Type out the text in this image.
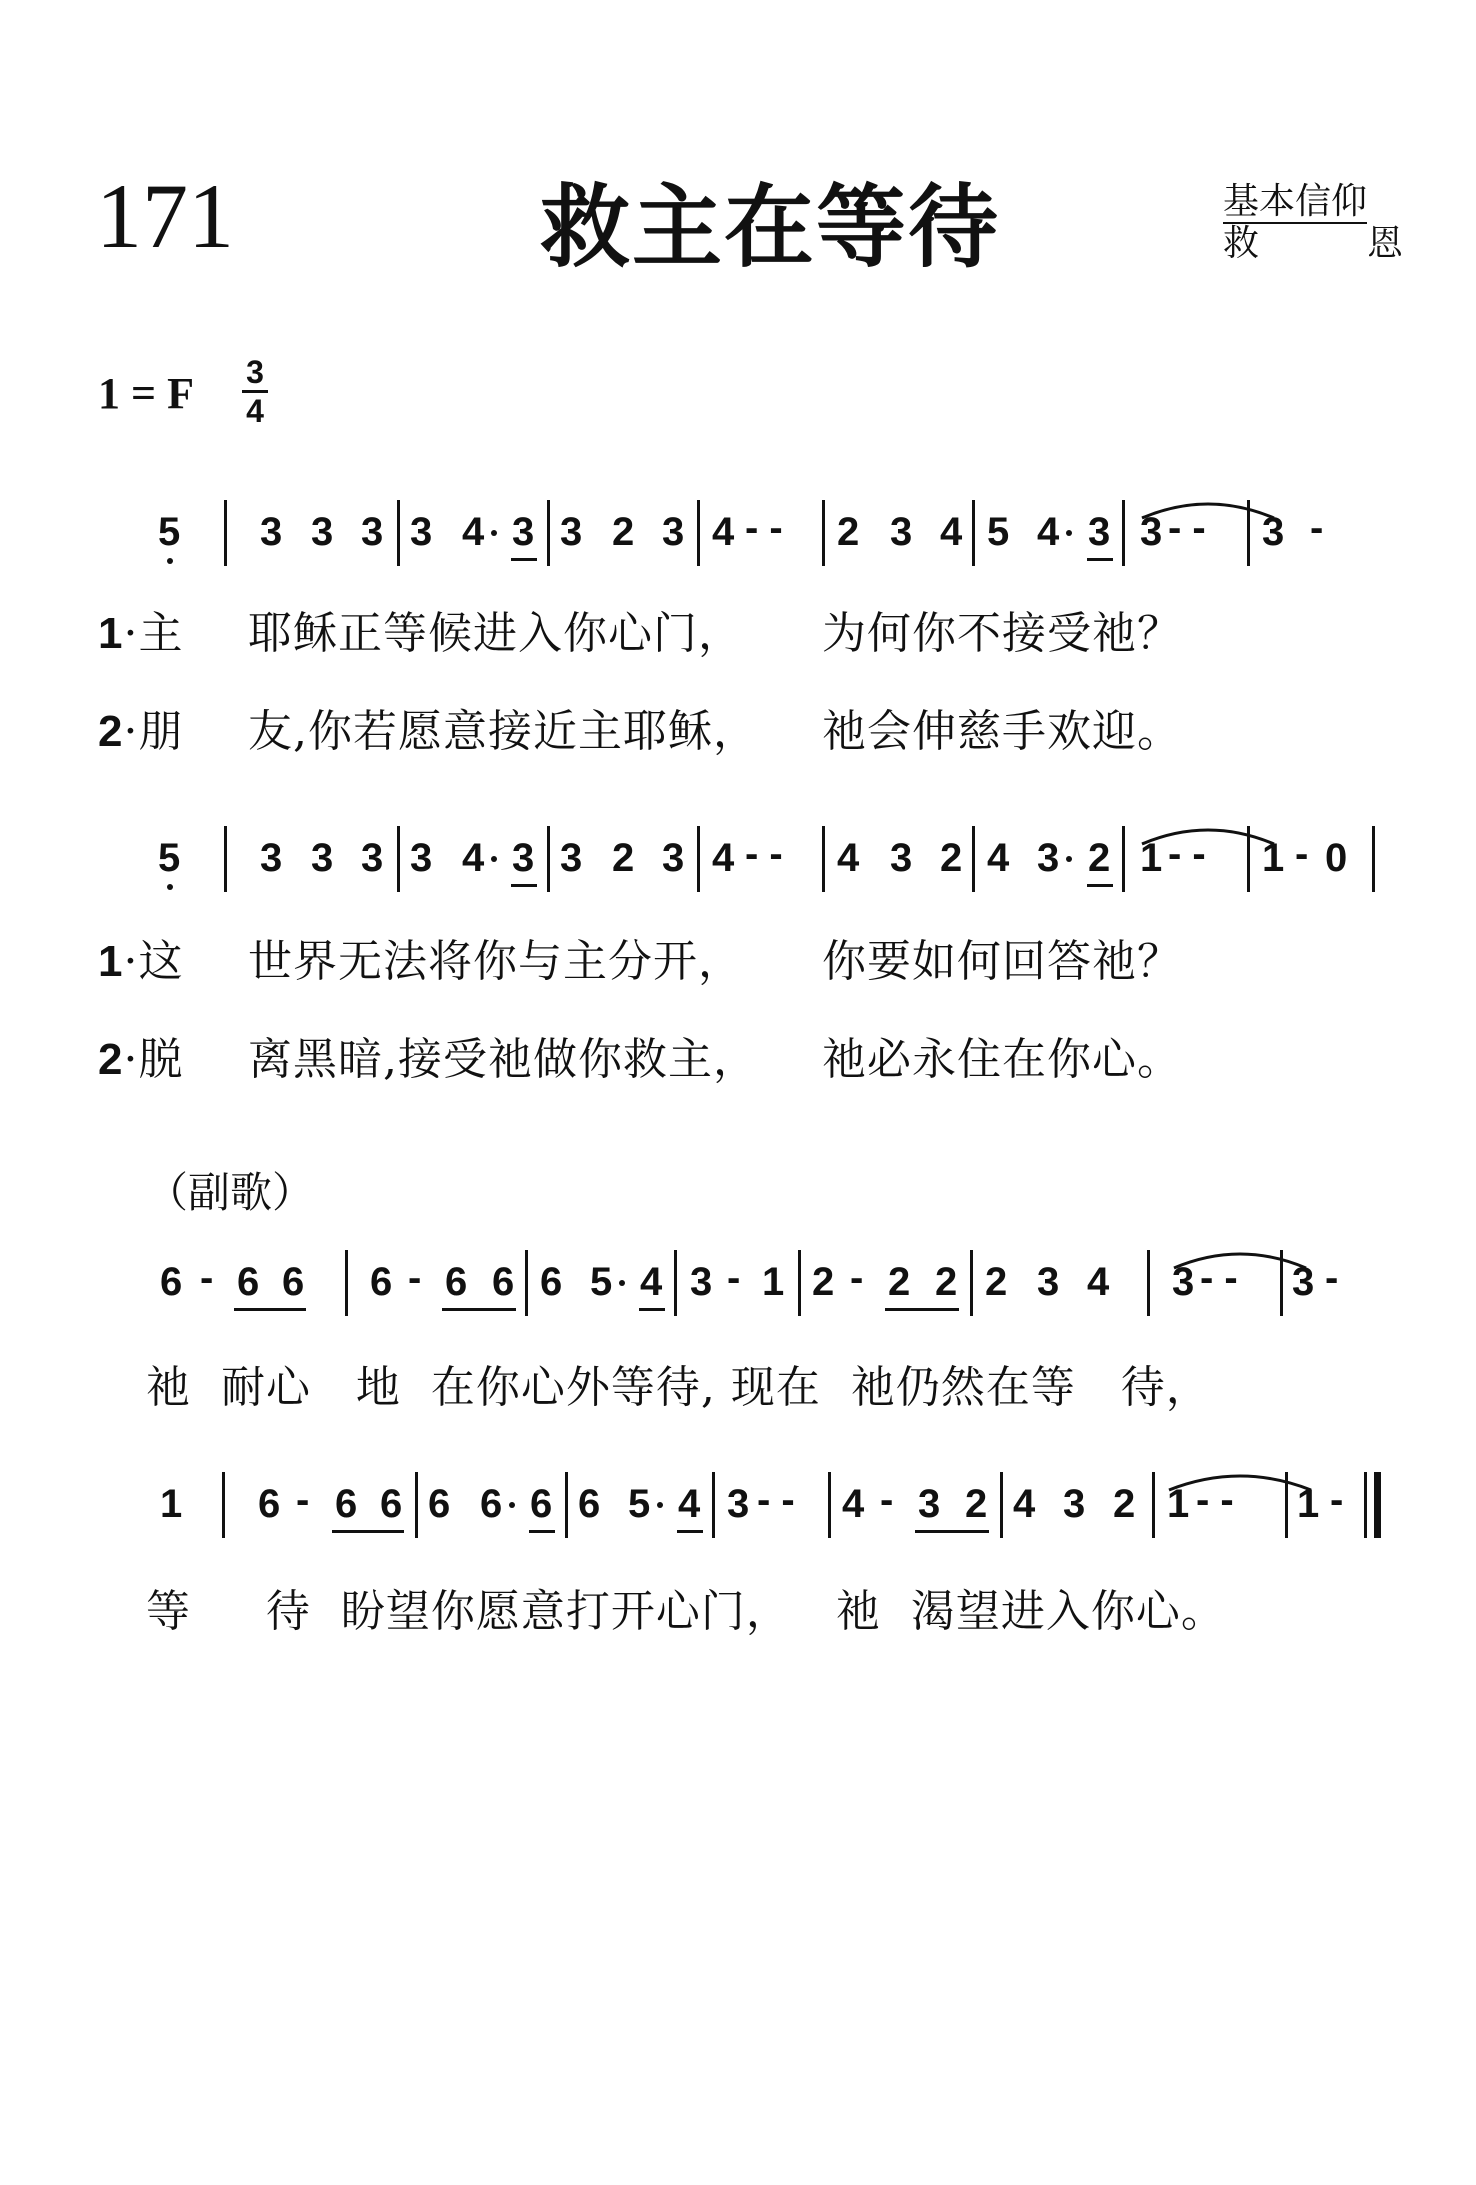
171	救主在等待	基本信仰
救	恩
1 = F $\frac{3}{4}$
5 3 3 3 3 4 3 3 2 3 4 - - 2 3 4 5 4 3 3 - - 3 -
1·主 耶稣正等候进入你心门， 为何你不接受祂？
2·朋 友,你若愿意接近主耶稣， 祂会伸慈手欢迎。
5 3 3 3 3 4 3 3 2 3 4 - - 4 3 2 4 3 2 1 - - 1 - 0
1·这 世界无法将你与主分开， 你要如何回答祂？
2·脱 离黑暗,接受祂做你救主， 祂必永住在你心。
（副歌）
6 - 6 6 6 - 6 6 6 5 4 3 - 1 2 - 2 2 2 3 4 3 - - 3 -
祂  耐心   地  在你心外等待, 现在  祂仍然在等   待，
1 6 - 6 6 6 6 6 6 5 4 3 - - 4 - 3 2 4 3 2 1 - - 1 -
等     待  盼望你愿意打开心门，   祂  渴望进入你心。
